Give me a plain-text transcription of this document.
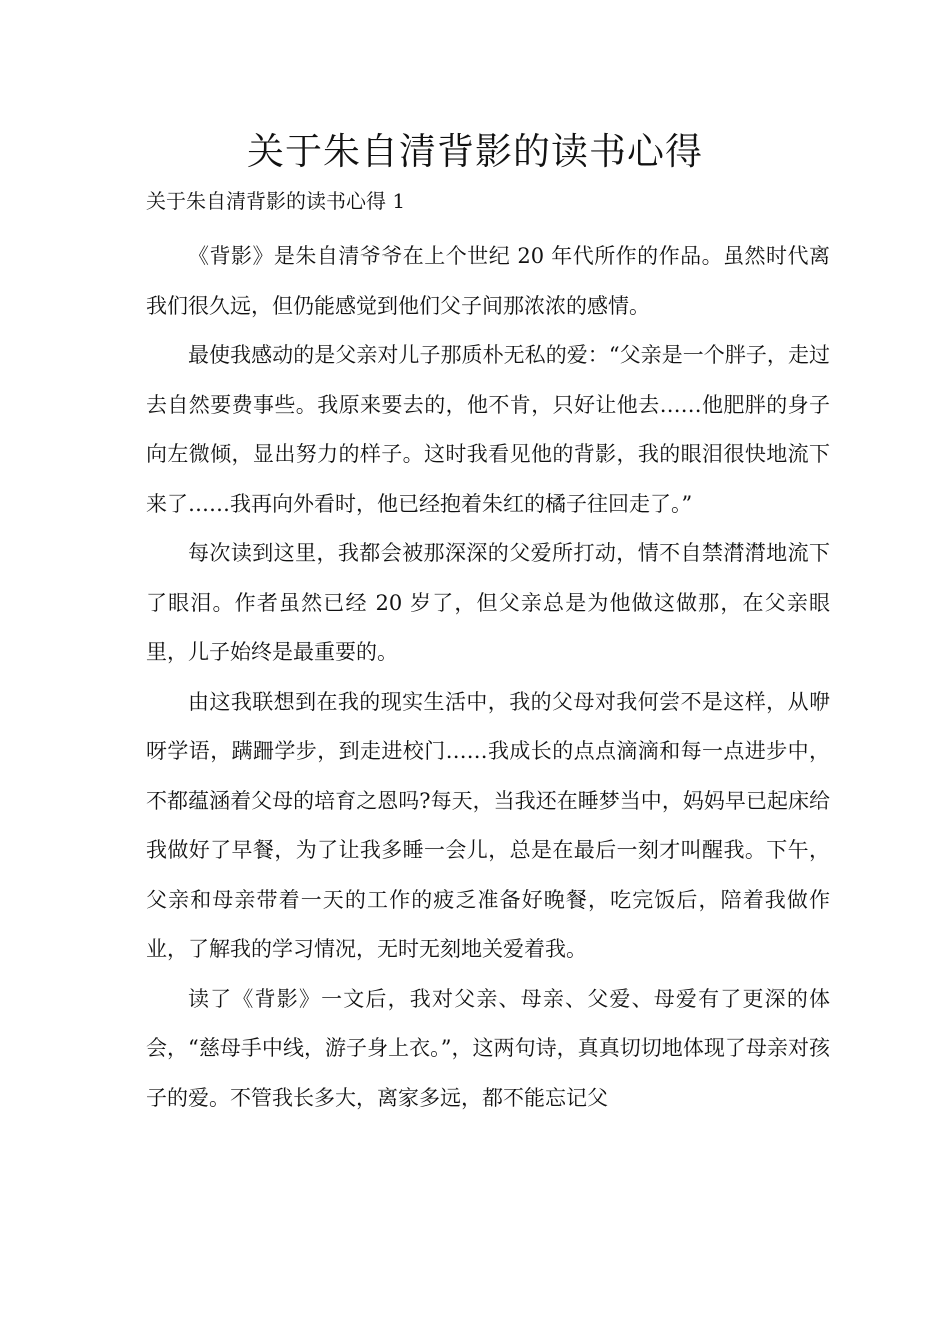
关于朱自清背影的读书心得

关于朱自清背影的读书心得 1

《背影》是朱自清爷爷在上个世纪 20 年代所作的作品。虽然时代离我们很久远，但仍能感觉到他们父子间那浓浓的感情。

最使我感动的是父亲对儿子那质朴无私的爱：“父亲是一个胖子，走过去自然要费事些。我原来要去的，他不肯，只好让他去……他肥胖的身子向左微倾，显出努力的样子。这时我看见他的背影，我的眼泪很快地流下来了……我再向外看时，他已经抱着朱红的橘子往回走了。”

每次读到这里，我都会被那深深的父爱所打动，情不自禁潸潸地流下了眼泪。作者虽然已经 20 岁了，但父亲总是为他做这做那，在父亲眼里，儿子始终是最重要的。

由这我联想到在我的现实生活中，我的父母对我何尝不是这样，从咿呀学语，蹒跚学步，到走进校门……我成长的点点滴滴和每一点进步中，不都蕴涵着父母的培育之恩吗?每天，当我还在睡梦当中，妈妈早已起床给我做好了早餐，为了让我多睡一会儿，总是在最后一刻才叫醒我。下午，父亲和母亲带着一天的工作的疲乏准备好晚餐，吃完饭后，陪着我做作业，了解我的学习情况，无时无刻地关爱着我。

读了《背影》一文后，我对父亲、母亲、父爱、母爱有了更深的体会，“慈母手中线，游子身上衣。”，这两句诗，真真切切地体现了母亲对孩子的爱。不管我长多大，离家多远，都不能忘记父
